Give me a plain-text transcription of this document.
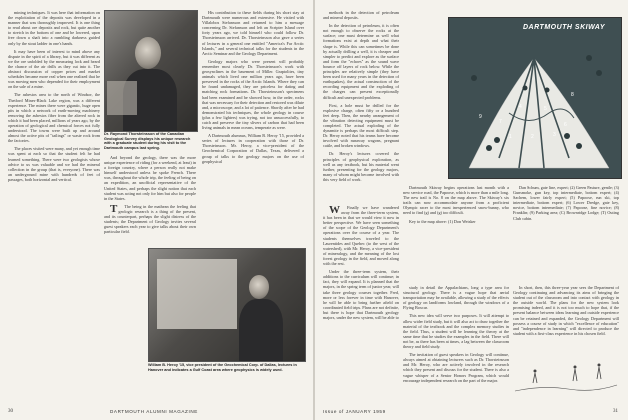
mining techniques. It was here that information on the exploitation of the deposits was developed in a manner that was thoroughly improved. It is one thing to read about ore deposits and rock, but quite another to stretch in the bottom of one and be lowered, upon free down a shaft into a rumbling darkness guided only by the stout ladder in one's hands.

It may have been of interest to mind above any dispute in the spirit of a library, but it was different as we the ore unfolded by the measuring lock and heard the chance of the air drills as they cut into it. The abstract discussion of copper prices and market schedules became more real when one realized that he was moving men who depended for their employment on the sale of a mine.

The asbestos area to the north of Windsor, the Thetford Mines-Black Lake region, was a different experience. The mines there were gigantic, huge open pits in which a network of earth-moving machinery removing the asbestos fiber from the altered rock in which it had been placed, millions of years ago, by the operation of geological and chemical forces not fully understood. The towns were built up and around almost the active pits of "tailings" or waste rock from the factories.

The places visited were many, and yet enough time was spent at each so that the student felt he had learned something. There were two geologists whose advice to us was valuable and we had the mineral collection in the group (that is, everyone). There was an underground mine with hundreds of feet of passages, both horizontal and vertical.

Dr. Raymond Thorsteinsson of the Canadian Geological Survey displays his unique research with a graduate student during his visit to the Dartmouth campus last spring.

And beyond the geology, there was the more unique experience of riding (for a weekend, at least) in a foreign country, where a person really not make himself understood unless he spoke French. There was, throughout the whole trip, the feeling of being on an expedition, an unofficial representative of the United States, and perhaps the slight notion that each student was acting not only for him but also for people in the States.

T The being in the mathean the feeling that geologic research is a thing of the present, and its counterpart, perhaps the slight distress of the students; the Department of Geology invites several guest speakers each year to give talks about their own particular field.

His contribution to these fields during his short stay at Dartmouth were numerous and extensive. He visited with Villalobos Stefansson and returned to him a message concerning Dr. Stefansson and left an Scripter Island over forty years ago, we told himself who could follow Dr. Thorsteinsson arrived. Dr. Thorsteinsson also gave a series of lectures in a general one entitled "America's Far Arctic Islands," and several technical talks for the students in the Arctic Seminar and the Geology Department.

Geology majors who were present will probably remember most clearly Dr. Thorsteinsson's work with geosynclines in the basement of Miller. Graptolites, tiny animals which lived one million years ago, have been preserved in the rocks of the Arctic Islands. Where they can be found undamaged, they are priceless for dating and matching rock formations. Dr. Thorsteinsson's specimens had been examined and he showed how, in the order, rocks that was necessary for their detection and restored was dilute and, a microscope, and a lot of patience. Shortly after he had demonstrated his techniques, the whole geology in course (plus a few lighters) was trying, not too unsuccessfully, to catch and preserve the tiny slivers of carbon that had been living animals in mean oceans, temperate as were.

A Dartmouth alumnus, William B. Heroy '15, provided a series of lectures in cooperation with those of Dr. Thorsteinsson. Mr. Heroy, a vice-president of the Geochemical Corporation of Dallas, Texas, delivered a group of talks to the geology majors on the use of geophysical

William B. Heroy '15, vice president of the Geochemical Corp. of Dallas, lectures in Hanover and indicates a Gulf Coast area where geophysics is widely used.
30	DARTMOUTH ALUMNI MAGAZINE

methods in the detection of petroleum and mineral deposits.

In the detection of petroleum, it is often not enough to observe the rocks at the surface; one must determine as well what formations exist at depth and what their shape is. While this can sometimes be done by actually drilling a well, it is cheaper and simpler to predict and explore as the surface and form the "echoes" as the sound wave bounce off layers of rock below. While the principles are relatively simple (they have been used for many years in the detection of earthquakes), the actual construction of the recording equipment and the exploding of the charges can present exceptionally difficult and unexpected problems.

First, a hole must be drilled for the explosive charge, often fifty or a hundred feet deep. Then, the nearby arrangement of the vibration detecting equipment must be completed. The actual exploding of the dynamite is perhaps the most difficult step. Dr. Heroy noted that his teams have become involved with runaway wagons, pregnant cattle, and broken windows.

Dr. Heroy's lectures covered the principles of geophysical exploration, as well as any textbook, but his material went further, presenting for the geology majors, many of whom might become involved with this very field of work.

W Finally we have wandered away from the three-term system, it has been in that we would view it now in better perspective. We have seen something of the scope of the Geology Department's operations over the course of a year. The students themselves traveled to the Laurentides and Quebec (to the west of the watershed), with Mr. Heroy, a vice-president of mineralogy, and the meaning of the lost forest geology in the field, and moved along with the rest.

Under the three-term system, their additions to the curriculum will continue; in fact, they will expand. It is planned that the majors, in the spring term of junior year, will take three geology courses together. Fred, more or less forever in time with Hanover, he will be able to bring further afield on coordinated field trips. Plans are not definite, but there is hope that Dartmouth geology majors, under the new system, will be able to

DARTMOUTH SKIWAY
1	2	3
4	5
6
7
8
9

Dartmouth Skiway begins operations last month with a new service road, the Papoose, which is more than a mile long. The new trail is No. 8 on the map above. The Skiway's six trails can now accommodate anyone from a proficient Olympic racer to the most inexperienced snow-bunny, who need to find (g) and (g) too difficult.

Key to the map above: (1) Don Weisker

Dan Schum, gate line, expert; (2) Green Pasture, gentle; (3) Gunsmoke, gun key, top intermediate, bottom expert; (4) Sachem, lower fairly expert; (5) Papoose, run ski, top intermediate, bottom expert; (6) Lower Dredge, gate key, novice, bottom intermediate; (7) Papoose, fine novice; (8) Franklin; (9) Parking area; (C) Brownridge Lodge; (T) Outing Club cabin.

study in detail the Appalachians, long a type area for structural geology. There is a vague hope that aerial transportation may be available, allowing a study of the effects of geology on landforms lowland, through the windows of a Flying Boxcar.

This new idea will serve two purposes. It will attempt to allow wider field study, but it will also act to draw together the material of the textbook and the complex memory studies in the field. Thus, a student will be learning the theory at the same time that he studies the examples in the field. There will not be, as there has been at times, a lag between the classroom theory and field study.

The invitation of guest speakers in Geology will continue, always aimed at obtaining lecturers such as Dr. Thorsteinsson and Mr. Heroy, who are actively involved in the research which they present and discuss for the student. There is also a vague whisper of a Senior Honors Program, which would encourage independent research on the part of the major.

In short, then, this three-year year sees the Department of Geology continuing and advancing its aims of bringing the student out of the classroom and into contact with geology in the outside world. The plans for the new system look promising indeed, and it is not too much to hope that, if the present balance between ideas learning and outside experience can be retained and expanded, the Geology Department will possess a course of study in which "excellence of education" and "independence in learning" will directed to produce the student with a first-class experience in his chosen field.

Issue of JANUARY 1959	31
